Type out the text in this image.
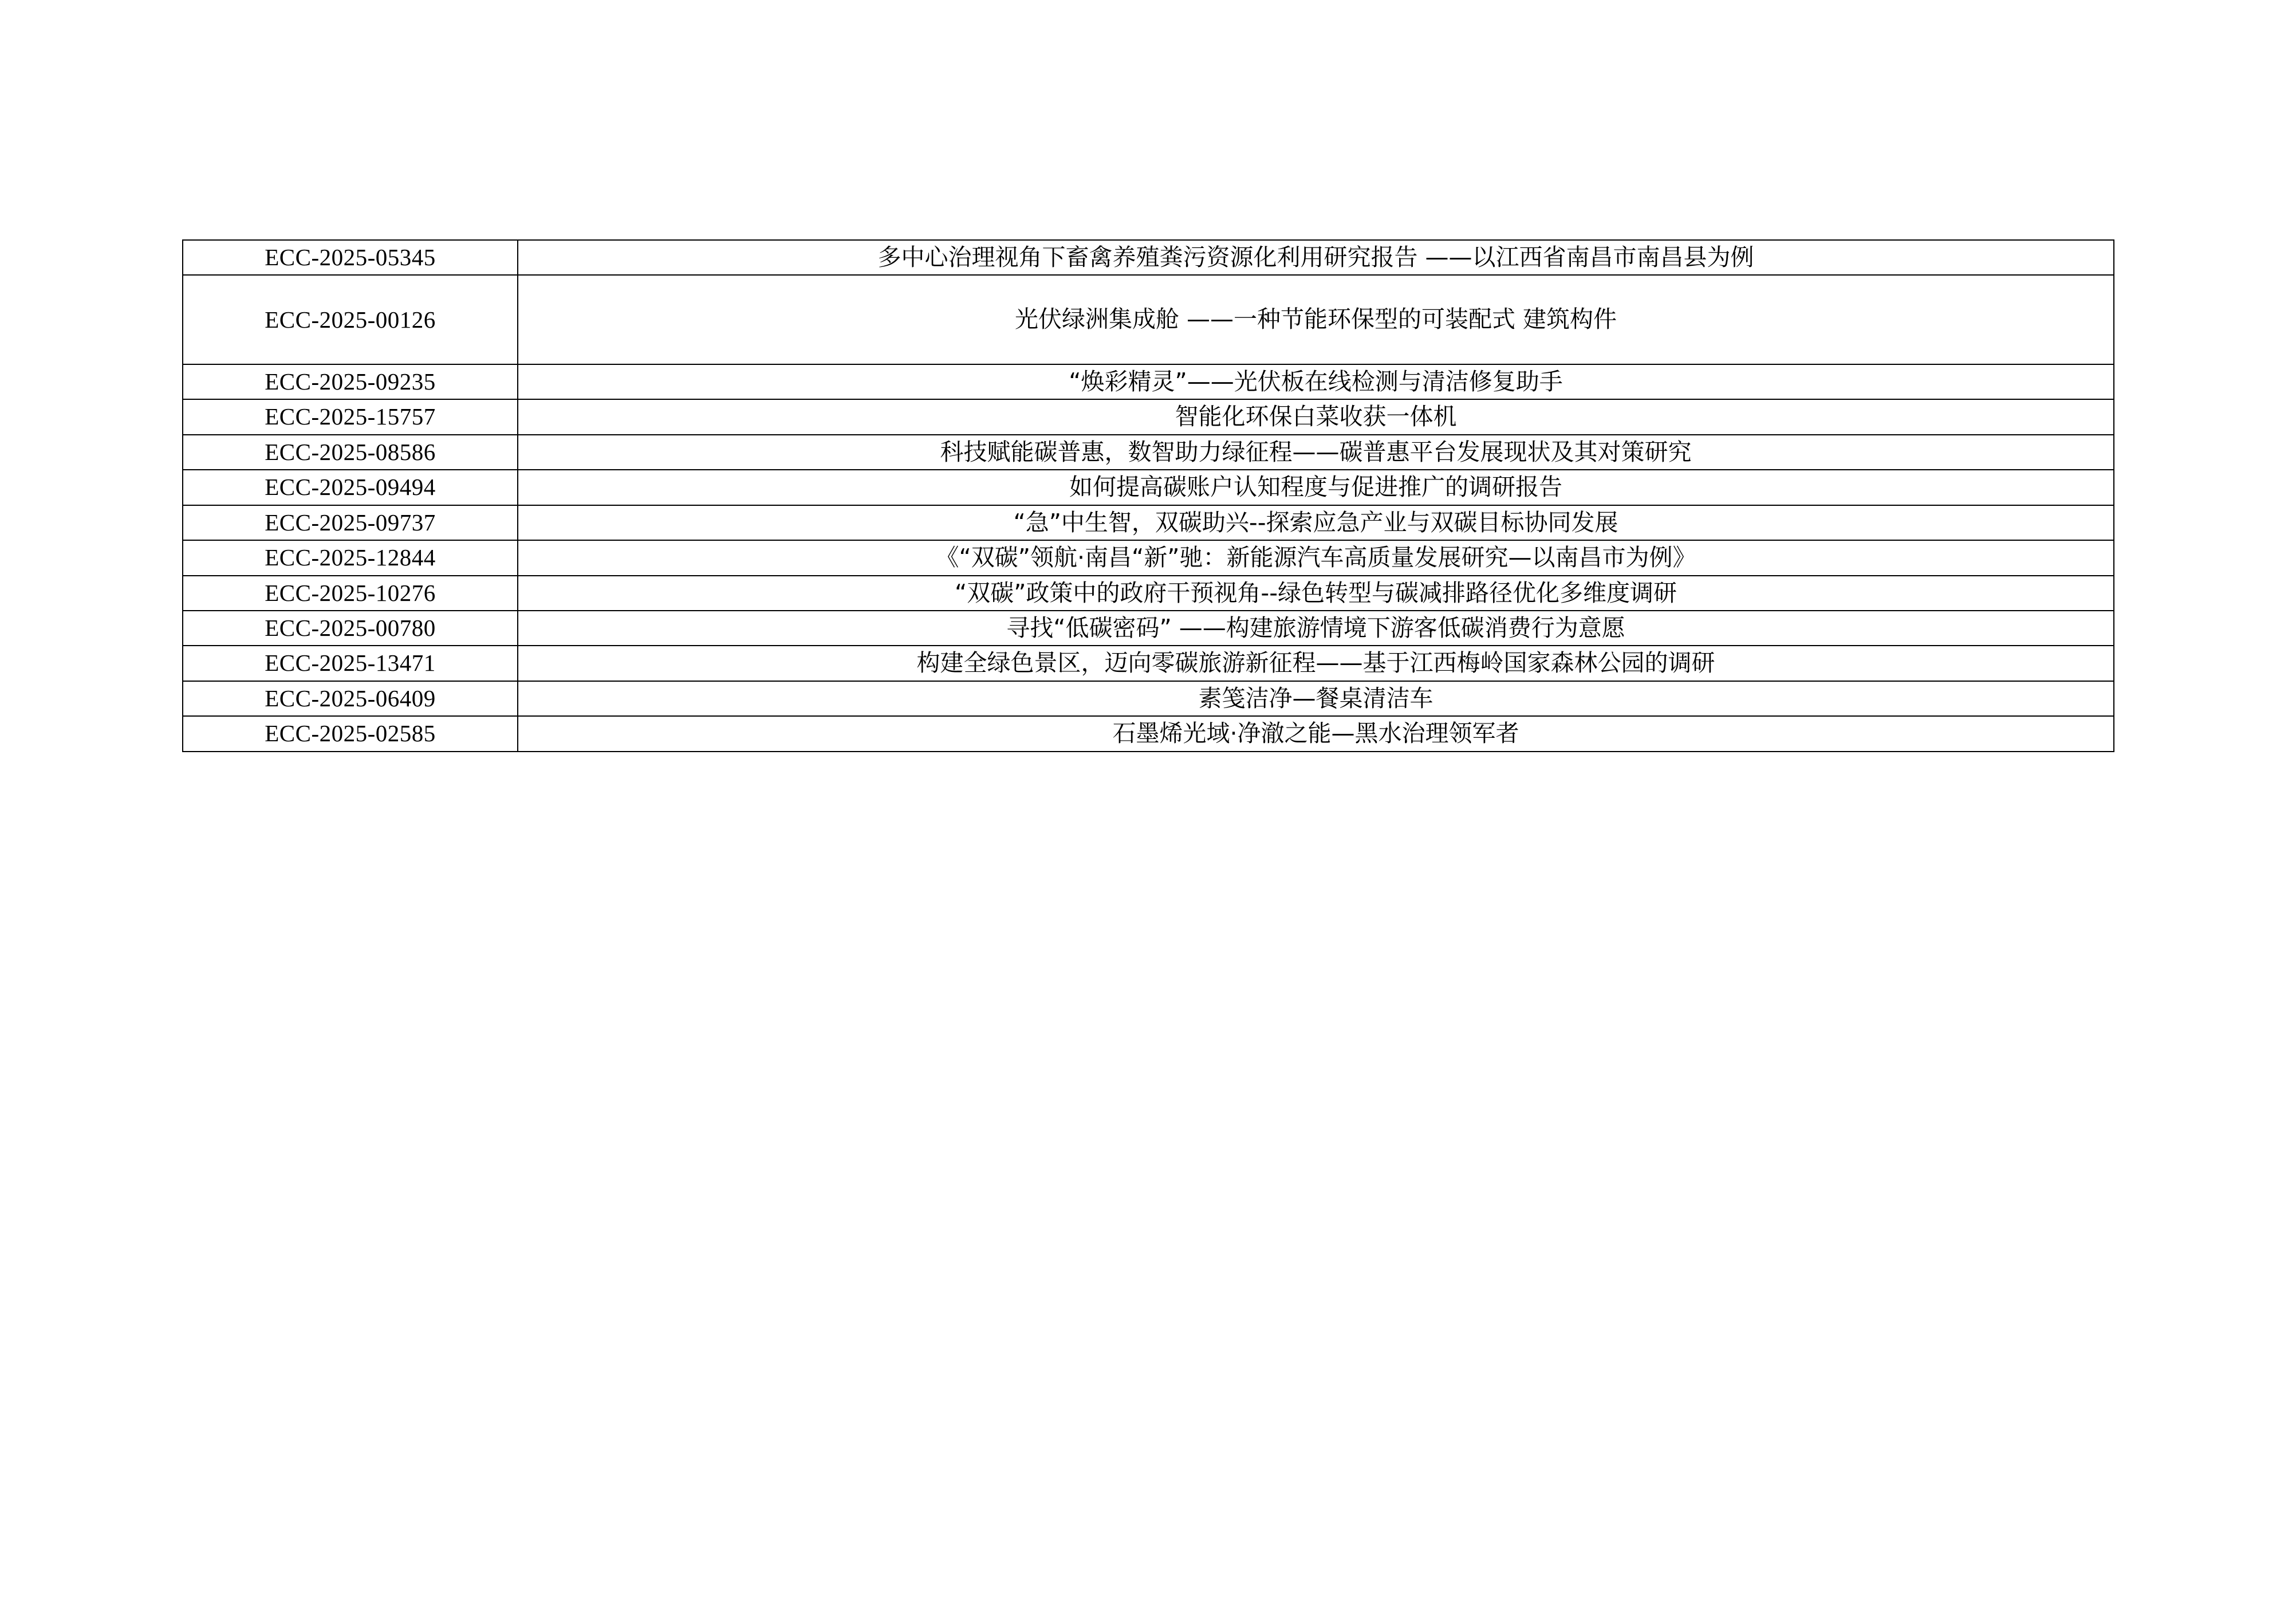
ECC-2025-05345	多中心治理视角下畜禽养殖粪污资源化利用研究报告 ——以江西省南昌市南昌县为例
ECC-2025-00126	光伏绿洲集成舱 ——一种节能环保型的可装配式 建筑构件
ECC-2025-09235	“焕彩精灵”——光伏板在线检测与清洁修复助手
ECC-2025-15757	智能化环保白菜收获一体机
ECC-2025-08586	科技赋能碳普惠，数智助力绿征程——碳普惠平台发展现状及其对策研究
ECC-2025-09494	如何提高碳账户认知程度与促进推广的调研报告
ECC-2025-09737	“急”中生智，双碳助兴--探索应急产业与双碳目标协同发展
ECC-2025-12844	《“双碳”领航·南昌“新”驰：新能源汽车高质量发展研究—以南昌市为例》
ECC-2025-10276	“双碳”政策中的政府干预视角--绿色转型与碳减排路径优化多维度调研
ECC-2025-00780	寻找“低碳密码” ——构建旅游情境下游客低碳消费行为意愿
ECC-2025-13471	构建全绿色景区，迈向零碳旅游新征程——基于江西梅岭国家森林公园的调研
ECC-2025-06409	素笺洁净—餐桌清洁车
ECC-2025-02585	石墨烯光域·净澈之能—黑水治理领军者
